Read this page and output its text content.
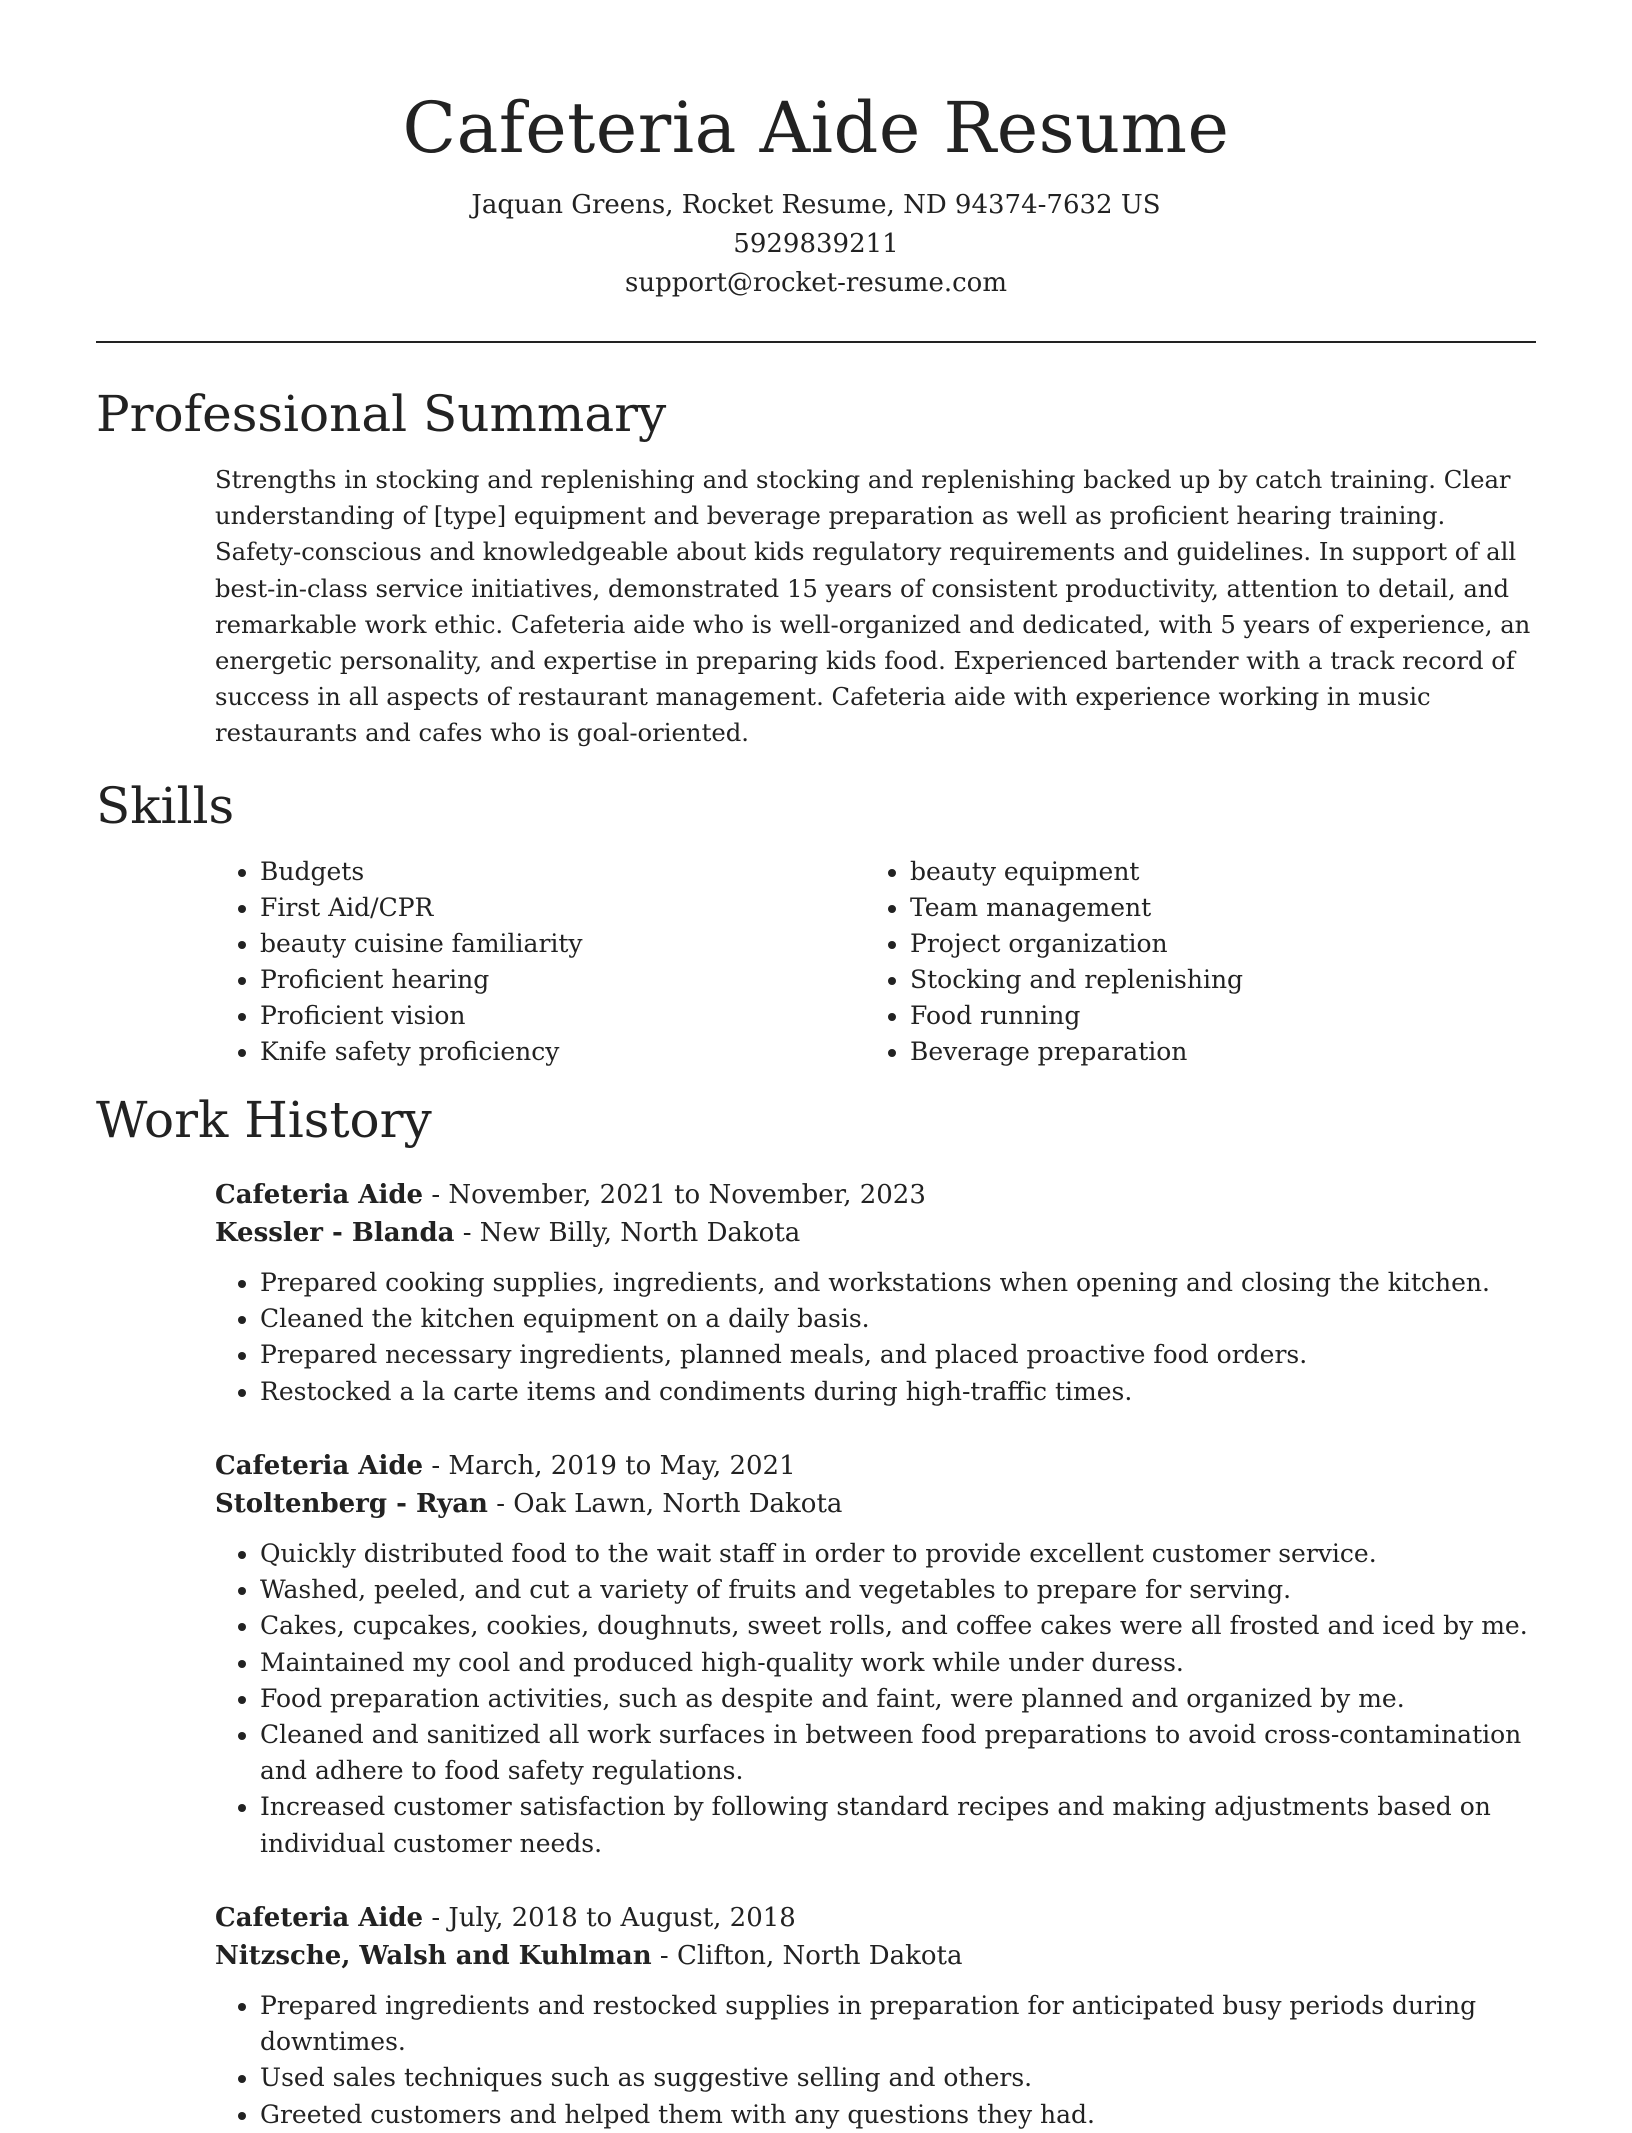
Cafeteria Aide Resume
Jaquan Greens, Rocket Resume, ND 94374-7632 US
5929839211
support@rocket-resume.com
Professional Summary

Strengths in stocking and replenishing and stocking and replenishing backed up by catch training. Clear understanding of [type] equipment and beverage preparation as well as proficient hearing training. Safety-conscious and knowledgeable about kids regulatory requirements and guidelines. In support of all best-in-class service initiatives, demonstrated 15 years of consistent productivity, attention to detail, and remarkable work ethic. Cafeteria aide who is well-organized and dedicated, with 5 years of experience, an energetic personality, and expertise in preparing kids food. Experienced bartender with a track record of success in all aspects of restaurant management. Cafeteria aide with experience working in music restaurants and cafes who is goal-oriented.

Skills
• Budgets
• First Aid/CPR
• beauty cuisine familiarity
• Proficient hearing
• Proficient vision
• Knife safety proficiency
• beauty equipment
• Team management
• Project organization
• Stocking and replenishing
• Food running
• Beverage preparation
Work History
Cafeteria Aide - November, 2021 to November, 2023
Kessler - Blanda - New Billy, North Dakota
• Prepared cooking supplies, ingredients, and workstations when opening and closing the kitchen.
• Cleaned the kitchen equipment on a daily basis.
• Prepared necessary ingredients, planned meals, and placed proactive food orders.
• Restocked a la carte items and condiments during high-traffic times.
Cafeteria Aide - March, 2019 to May, 2021
Stoltenberg - Ryan - Oak Lawn, North Dakota
• Quickly distributed food to the wait staff in order to provide excellent customer service.
• Washed, peeled, and cut a variety of fruits and vegetables to prepare for serving.
• Cakes, cupcakes, cookies, doughnuts, sweet rolls, and coffee cakes were all frosted and iced by me.
• Maintained my cool and produced high-quality work while under duress.
• Food preparation activities, such as despite and faint, were planned and organized by me.
• Cleaned and sanitized all work surfaces in between food preparations to avoid cross-contamination and adhere to food safety regulations.
• Increased customer satisfaction by following standard recipes and making adjustments based on individual customer needs.
Cafeteria Aide - July, 2018 to August, 2018
Nitzsche, Walsh and Kuhlman - Clifton, North Dakota
• Prepared ingredients and restocked supplies in preparation for anticipated busy periods during downtimes.
• Used sales techniques such as suggestive selling and others.
• Greeted customers and helped them with any questions they had.
